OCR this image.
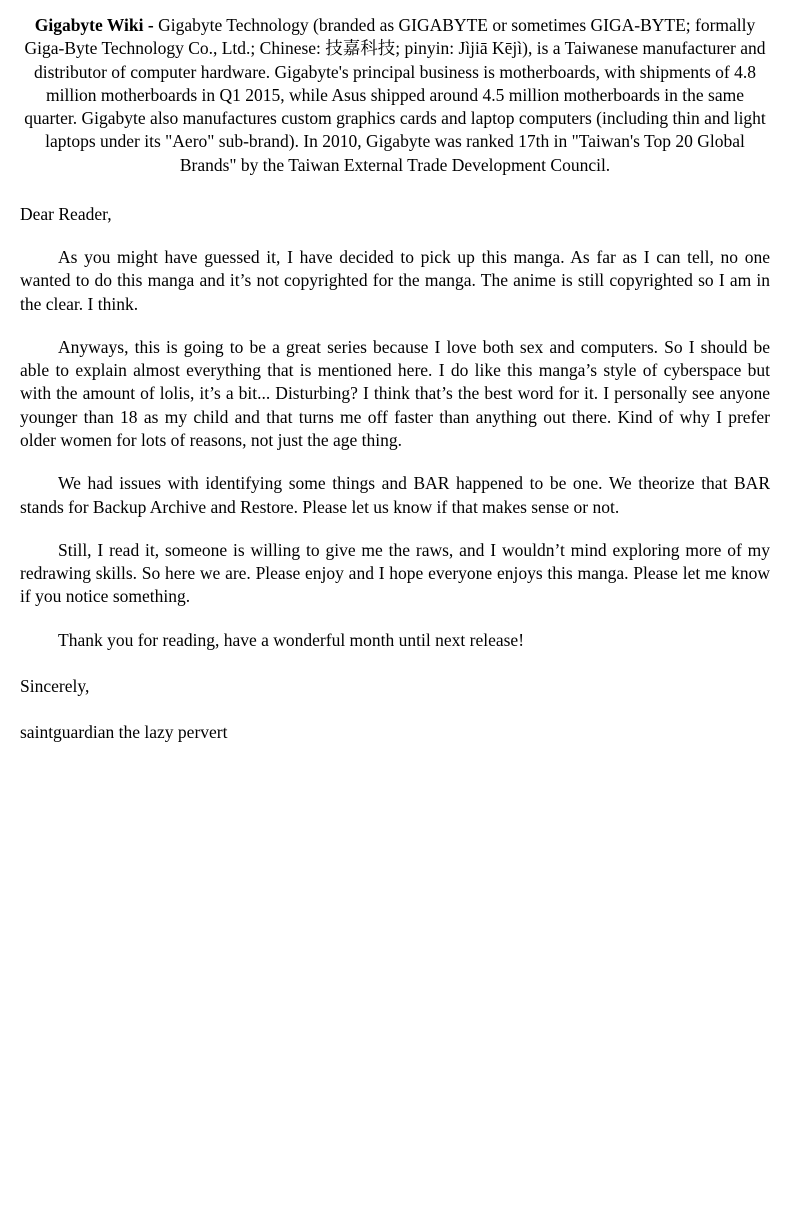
Gigabyte Wiki - Gigabyte Technology (branded as GIGABYTE or sometimes GIGA-BYTE; formally Giga-Byte Technology Co., Ltd.; Chinese: 技嘉科技; pinyin: Jìjiā Kējì), is a Taiwanese manufacturer and distributor of computer hardware. Gigabyte's principal business is motherboards, with shipments of 4.8 million motherboards in Q1 2015, while Asus shipped around 4.5 million motherboards in the same quarter. Gigabyte also manufactures custom graphics cards and laptop computers (including thin and light laptops under its "Aero" sub-brand). In 2010, Gigabyte was ranked 17th in "Taiwan's Top 20 Global Brands" by the Taiwan External Trade Development Council.
Dear Reader,

As you might have guessed it, I have decided to pick up this manga. As far as I can tell, no one wanted to do this manga and it’s not copyrighted for the manga. The anime is still copyrighted so I am in the clear. I think.

Anyways, this is going to be a great series because I love both sex and computers. So I should be able to explain almost everything that is mentioned here. I do like this manga’s style of cyberspace but with the amount of lolis, it’s a bit... Disturbing? I think that’s the best word for it. I personally see anyone younger than 18 as my child and that turns me off faster than anything out there. Kind of why I prefer older women for lots of reasons, not just the age thing.

We had issues with identifying some things and BAR happened to be one. We theorize that BAR stands for Backup Archive and Restore. Please let us know if that makes sense or not.

Still, I read it, someone is willing to give me the raws, and I wouldn’t mind exploring more of my redrawing skills. So here we are. Please enjoy and I hope everyone enjoys this manga. Please let me know if you notice something.

Thank you for reading, have a wonderful month until next release!

Sincerely,
saintguardian the lazy pervert
